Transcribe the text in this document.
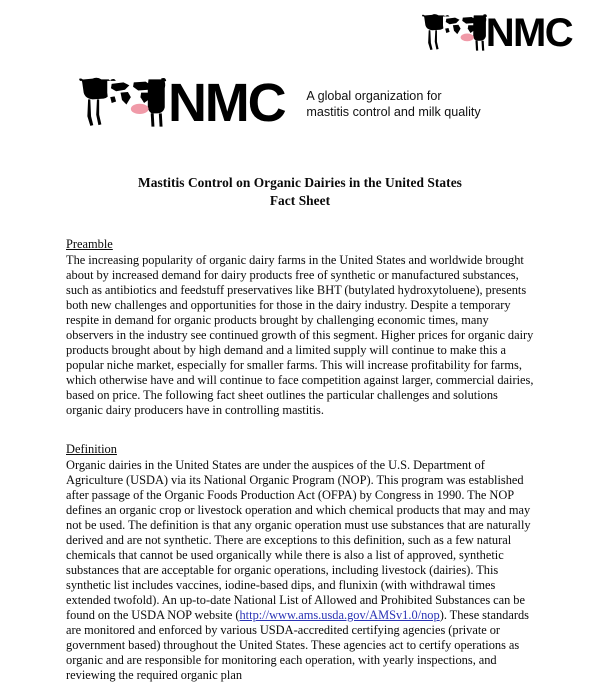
NMC
NMC A global organization for
mastitis control and milk quality
Mastitis Control on Organic Dairies in the United States
Fact Sheet
Preamble

The increasing popularity of organic dairy farms in the United States and worldwide brought about by increased demand for dairy products free of synthetic or manufactured substances, such as antibiotics and feedstuff preservatives like BHT (butylated hydroxytoluene), presents both new challenges and opportunities for those in the dairy industry. Despite a temporary respite in demand for organic products brought by challenging economic times, many observers in the industry see continued growth of this segment. Higher prices for organic dairy products brought about by high demand and a limited supply will continue to make this a popular niche market, especially for smaller farms. This will increase profitability for farms, which otherwise have and will continue to face competition against larger, commercial dairies, based on price. The following fact sheet outlines the particular challenges and solutions organic dairy producers have in controlling mastitis.

Definition

Organic dairies in the United States are under the auspices of the U.S. Department of Agriculture (USDA) via its National Organic Program (NOP). This program was established after passage of the Organic Foods Production Act (OFPA) by Congress in 1990. The NOP defines an organic crop or livestock operation and which chemical products that may and may not be used. The definition is that any organic operation must use substances that are naturally derived and are not synthetic. There are exceptions to this definition, such as a few natural chemicals that cannot be used organically while there is also a list of approved, synthetic substances that are acceptable for organic operations, including livestock (dairies). This synthetic list includes vaccines, iodine-based dips, and flunixin (with withdrawal times extended twofold). An up-to-date National List of Allowed and Prohibited Substances can be found on the USDA NOP website (http://www.ams.usda.gov/AMSv1.0/nop). These standards are monitored and enforced by various USDA-accredited certifying agencies (private or government based) throughout the United States. These agencies act to certify operations as organic and are responsible for monitoring each operation, with yearly inspections, and reviewing the required organic plan
